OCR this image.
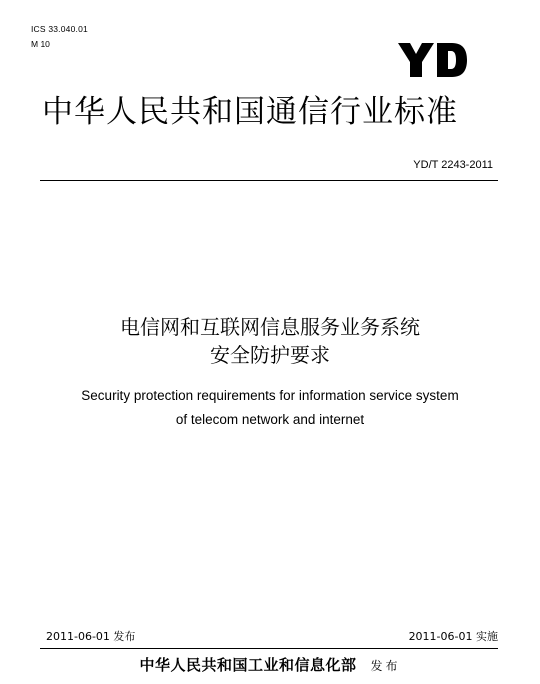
ICS 33.040.01
M 10
中华人民共和国通信行业标准
YD/T 2243-2011
电信网和互联网信息服务业务系统
安全防护要求
Security protection requirements for information service system
of telecom network and internet
2011-06-01 发布	2011-06-01 实施
中华人民共和国工业和信息化部 发布
